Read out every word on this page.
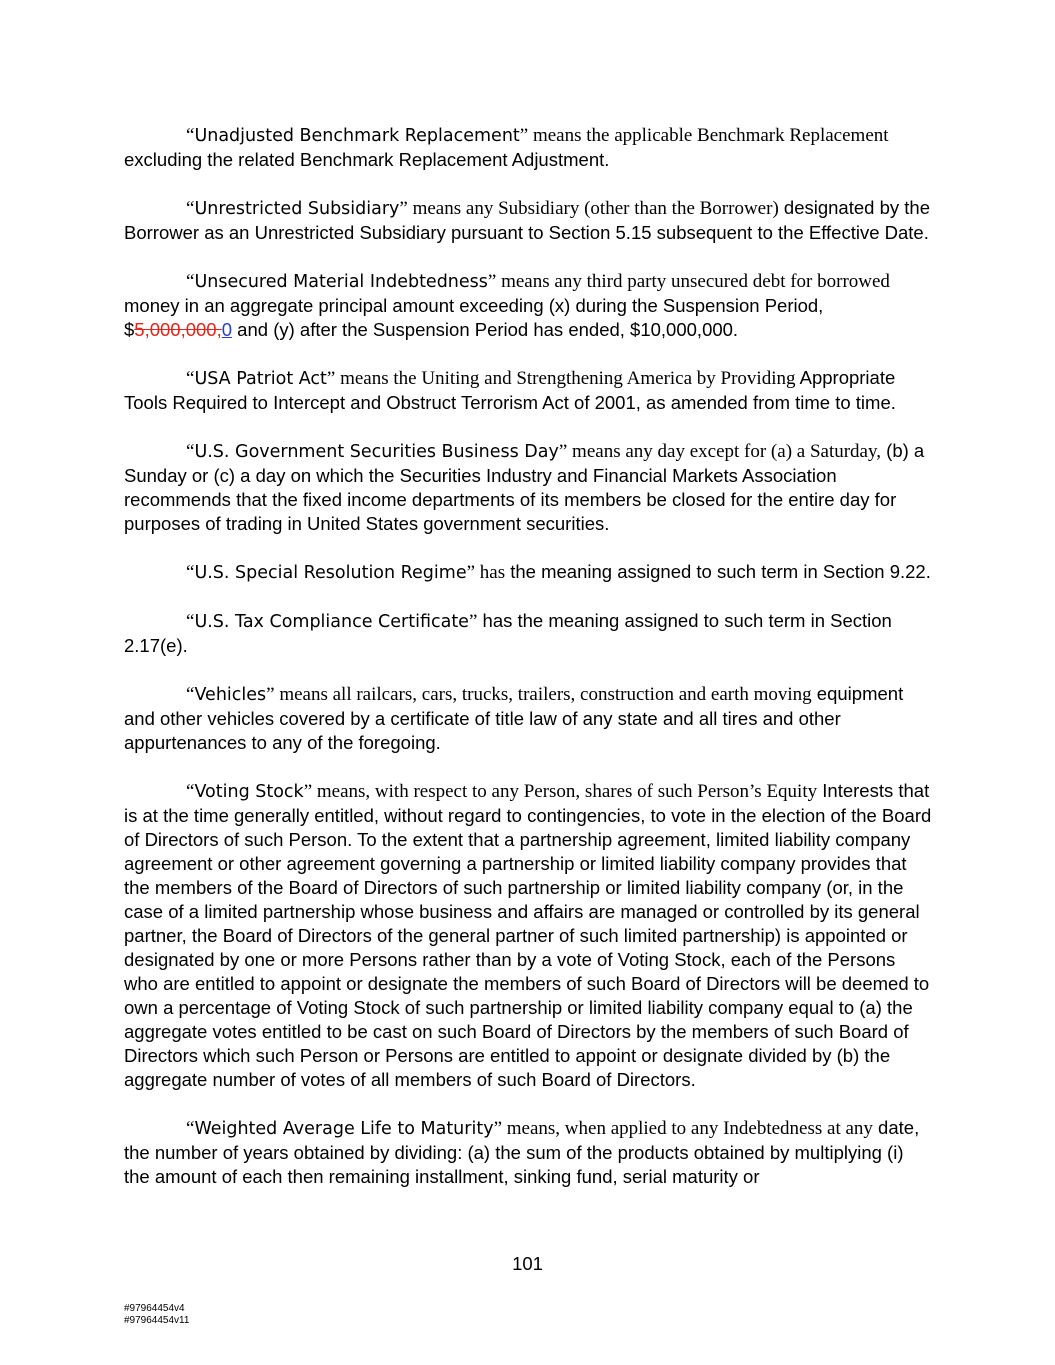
“Unadjusted Benchmark Replacement” means the applicable Benchmark Replacement excluding the related Benchmark Replacement Adjustment.

“Unrestricted Subsidiary” means any Subsidiary (other than the Borrower) designated by the Borrower as an Unrestricted Subsidiary pursuant to Section 5.15 subsequent to the Effective Date.

“Unsecured Material Indebtedness” means any third party unsecured debt for borrowed money in an aggregate principal amount exceeding (x) during the Suspension Period, $5,000,000,0 and (y) after the Suspension Period has ended, $10,000,000.

“USA Patriot Act” means the Uniting and Strengthening America by Providing Appropriate Tools Required to Intercept and Obstruct Terrorism Act of 2001, as amended from time to time.

“U.S. Government Securities Business Day” means any day except for (a) a Saturday, (b) a Sunday or (c) a day on which the Securities Industry and Financial Markets Association recommends that the fixed income departments of its members be closed for the entire day for purposes of trading in United States government securities.

“U.S. Special Resolution Regime” has the meaning assigned to such term in Section 9.22.

“U.S. Tax Compliance Certificate” has the meaning assigned to such term in Section 2.17(e).

“Vehicles” means all railcars, cars, trucks, trailers, construction and earth moving equipment and other vehicles covered by a certificate of title law of any state and all tires and other appurtenances to any of the foregoing.

“Voting Stock” means, with respect to any Person, shares of such Person’s Equity Interests that is at the time generally entitled, without regard to contingencies, to vote in the election of the Board of Directors of such Person. To the extent that a partnership agreement, limited liability company agreement or other agreement governing a partnership or limited liability company provides that the members of the Board of Directors of such partnership or limited liability company (or, in the case of a limited partnership whose business and affairs are managed or controlled by its general partner, the Board of Directors of the general partner of such limited partnership) is appointed or designated by one or more Persons rather than by a vote of Voting Stock, each of the Persons who are entitled to appoint or designate the members of such Board of Directors will be deemed to own a percentage of Voting Stock of such partnership or limited liability company equal to (a) the aggregate votes entitled to be cast on such Board of Directors by the members of such Board of Directors which such Person or Persons are entitled to appoint or designate divided by (b) the aggregate number of votes of all members of such Board of Directors.

“Weighted Average Life to Maturity” means, when applied to any Indebtedness at any date, the number of years obtained by dividing: (a) the sum of the products obtained by multiplying (i) the amount of each then remaining installment, sinking fund, serial maturity or

101
#97964454v4
#97964454v11
